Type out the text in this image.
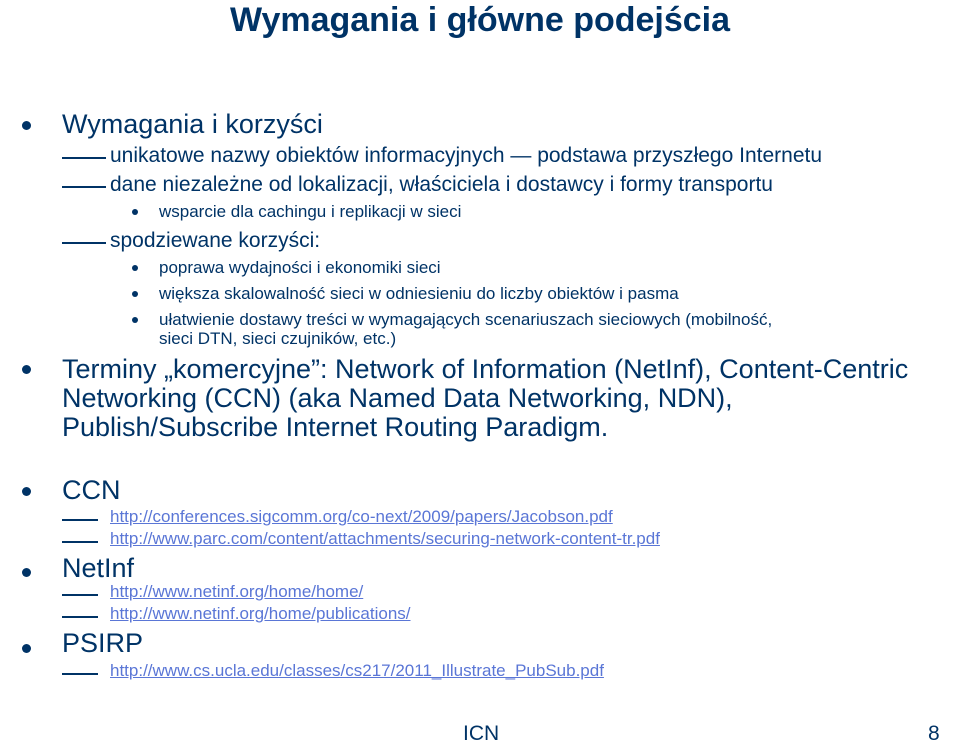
Wymagania i główne podejścia
Wymagania i korzyści
unikatowe nazwy obiektów informacyjnych — podstawa przyszłego Internetu
dane niezależne od lokalizacji, właściciela i dostawcy i formy transportu
wsparcie dla cachingu i replikacji w sieci
spodziewane korzyści:
poprawa wydajności i ekonomiki sieci
większa skalowalność sieci w odniesieniu do liczby obiektów i pasma
ułatwienie dostawy treści w wymagających scenariuszach sieciowych (mobilność,
sieci DTN, sieci czujników, etc.)
Terminy „komercyjne”: Network of Information (NetInf), Content-Centric
Networking (CCN) (aka Named Data Networking, NDN),
Publish/Subscribe Internet Routing Paradigm.
CCN
http://conferences.sigcomm.org/co-next/2009/papers/Jacobson.pdf
http://www.parc.com/content/attachments/securing-network-content-tr.pdf
NetInf
http://www.netinf.org/home/home/
http://www.netinf.org/home/publications/
PSIRP
http://www.cs.ucla.edu/classes/cs217/2011_Illustrate_PubSub.pdf
ICN	8
